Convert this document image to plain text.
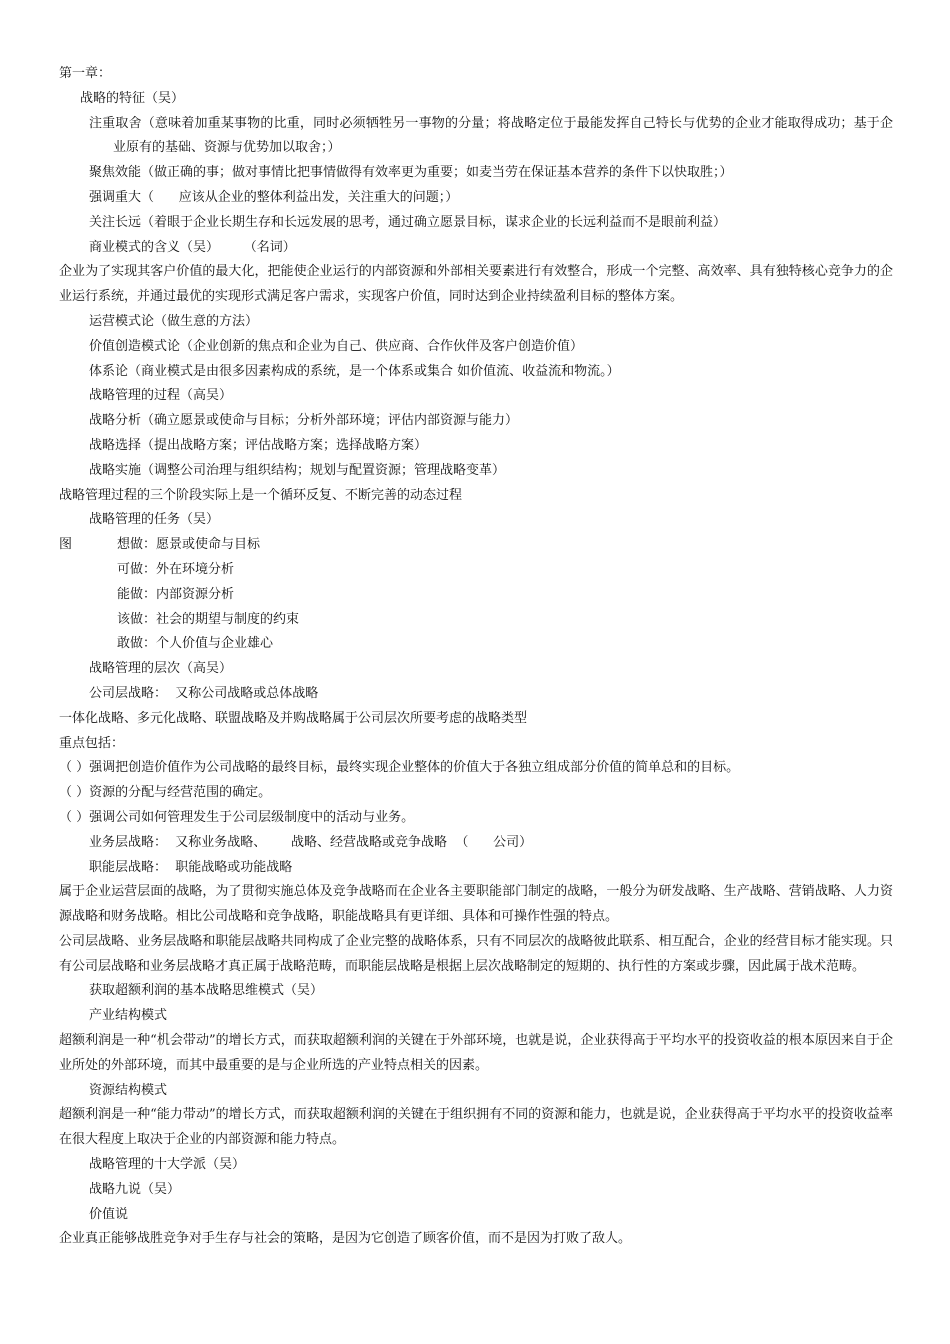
第一章：
战略的特征（吴）
注重取舍（意味着加重某事物的比重，同时必须牺牲另一事物的分量；将战略定位于最能发挥自己特长与优势的企业才能取得成功；基于企业原有的基础、资源与优势加以取舍；）
聚焦效能（做正确的事；做对事情比把事情做得有效率更为重要；如麦当劳在保证基本营养的条件下以快取胜；）
强调重大（      应该从企业的整体利益出发，关注重大的问题；）
关注长远（着眼于企业长期生存和长远发展的思考，通过确立愿景目标，谋求企业的长远利益而不是眼前利益）
商业模式的含义（吴）      （名词）
企业为了实现其客户价值的最大化，把能使企业运行的内部资源和外部相关要素进行有效整合，形成一个完整、高效率、具有独特核心竞争力的企业运行系统，并通过最优的实现形式满足客户需求，实现客户价值，同时达到企业持续盈利目标的整体方案。
运营模式论（做生意的方法）
价值创造模式论（企业创新的焦点和企业为自己、供应商、合作伙伴及客户创造价值）
体系论（商业模式是由很多因素构成的系统，是一个体系或集合 如价值流、收益流和物流。）
战略管理的过程（高吴）
战略分析（确立愿景或使命与目标；分析外部环境；评估内部资源与能力）
战略选择（提出战略方案；评估战略方案；选择战略方案）
战略实施（调整公司治理与组织结构；规划与配置资源；管理战略变革）
战略管理过程的三个阶段实际上是一个循环反复、不断完善的动态过程
战略管理的任务（吴）
图	想做：愿景或使命与目标
可做：外在环境分析
能做：内部资源分析
该做：社会的期望与制度的约束
敢做：个人价值与企业雄心
战略管理的层次（高吴）
公司层战略：  又称公司战略或总体战略
一体化战略、多元化战略、联盟战略及并购战略属于公司层次所要考虑的战略类型
重点包括：
（ ）强调把创造价值作为公司战略的最终目标，最终实现企业整体的价值大于各独立组成部分价值的简单总和的目标。
（ ）资源的分配与经营范围的确定。
（ ）强调公司如何管理发生于公司层级制度中的活动与业务。
业务层战略：  又称业务战略、      战略、经营战略或竞争战略  （      公司）
职能层战略：  职能战略或功能战略
属于企业运营层面的战略，为了贯彻实施总体及竞争战略而在企业各主要职能部门制定的战略，一般分为研发战略、生产战略、营销战略、人力资源战略和财务战略。相比公司战略和竞争战略，职能战略具有更详细、具体和可操作性强的特点。
公司层战略、业务层战略和职能层战略共同构成了企业完整的战略体系，只有不同层次的战略彼此联系、相互配合，企业的经营目标才能实现。只有公司层战略和业务层战略才真正属于战略范畴，而职能层战略是根据上层次战略制定的短期的、执行性的方案或步骤，因此属于战术范畴。
获取超额利润的基本战略思维模式（吴）
产业结构模式
超额利润是一种“机会带动”的增长方式，而获取超额利润的关键在于外部环境，也就是说，企业获得高于平均水平的投资收益的根本原因来自于企业所处的外部环境，而其中最重要的是与企业所选的产业特点相关的因素。
资源结构模式
超额利润是一种“能力带动”的增长方式，而获取超额利润的关键在于组织拥有不同的资源和能力，也就是说，企业获得高于平均水平的投资收益率在很大程度上取决于企业的内部资源和能力特点。
战略管理的十大学派（吴）
战略九说（吴）
价值说
企业真正能够战胜竞争对手生存与社会的策略，是因为它创造了顾客价值，而不是因为打败了敌人。
